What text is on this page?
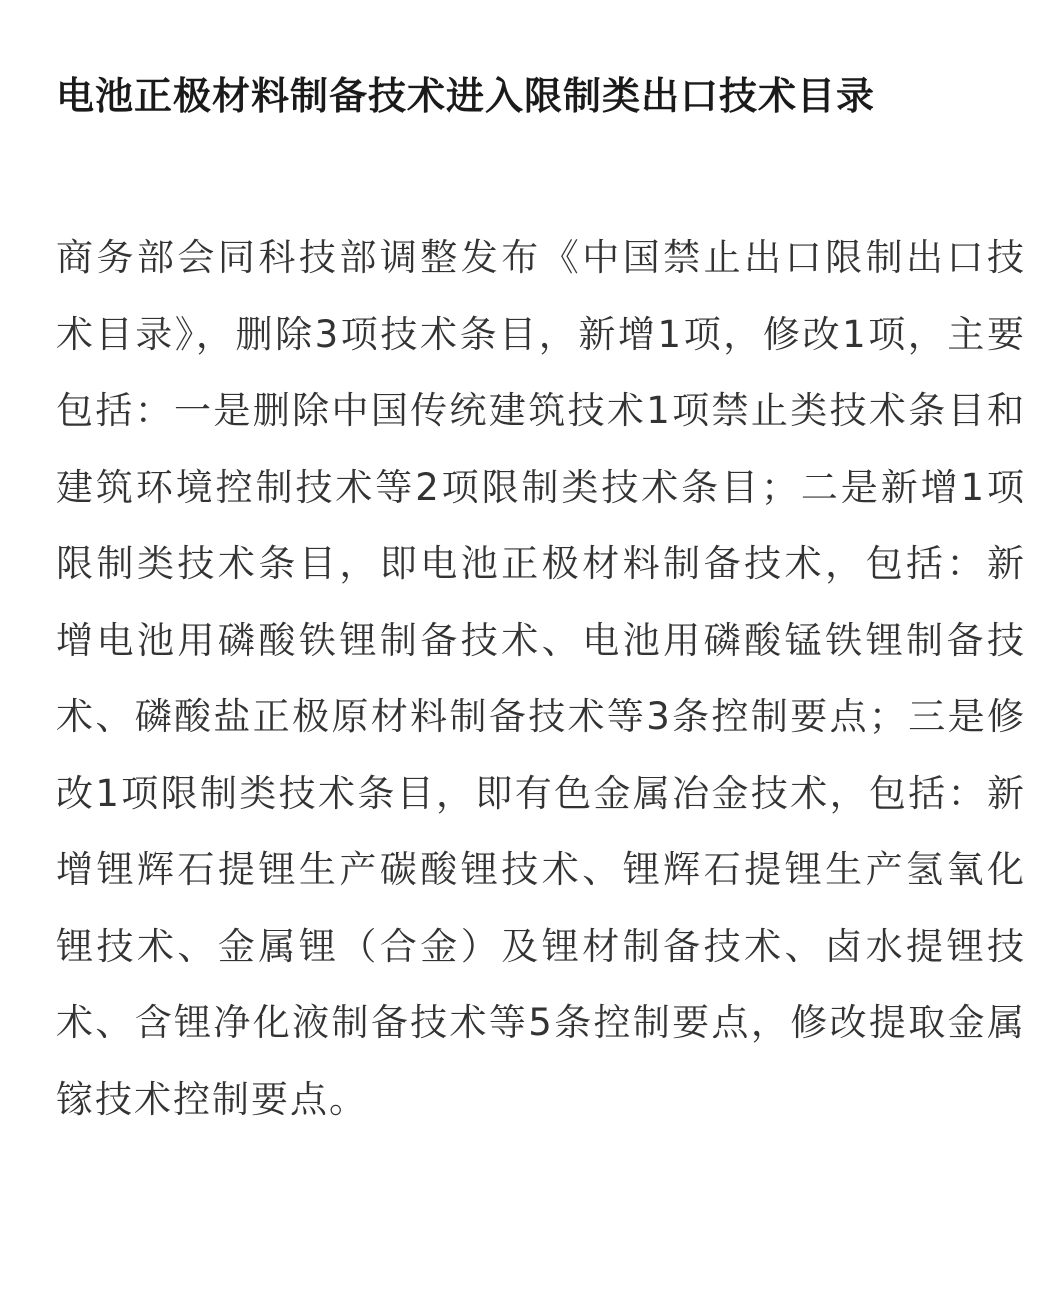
电池正极材料制备技术进入限制类出口技术目录

商务部会同科技部调整发布《中国禁止出口限制出口技术目录》，删除3项技术条目，新增1项，修改1项，主要包括：一是删除中国传统建筑技术1项禁止类技术条目和建筑环境控制技术等2项限制类技术条目；二是新增1项限制类技术条目，即电池正极材料制备技术，包括：新增电池用磷酸铁锂制备技术、电池用磷酸锰铁锂制备技术、磷酸盐正极原材料制备技术等3条控制要点；三是修改1项限制类技术条目，即有色金属冶金技术，包括：新增锂辉石提锂生产碳酸锂技术、锂辉石提锂生产氢氧化锂技术、金属锂（合金）及锂材制备技术、卤水提锂技术、含锂净化液制备技术等5条控制要点，修改提取金属镓技术控制要点。
